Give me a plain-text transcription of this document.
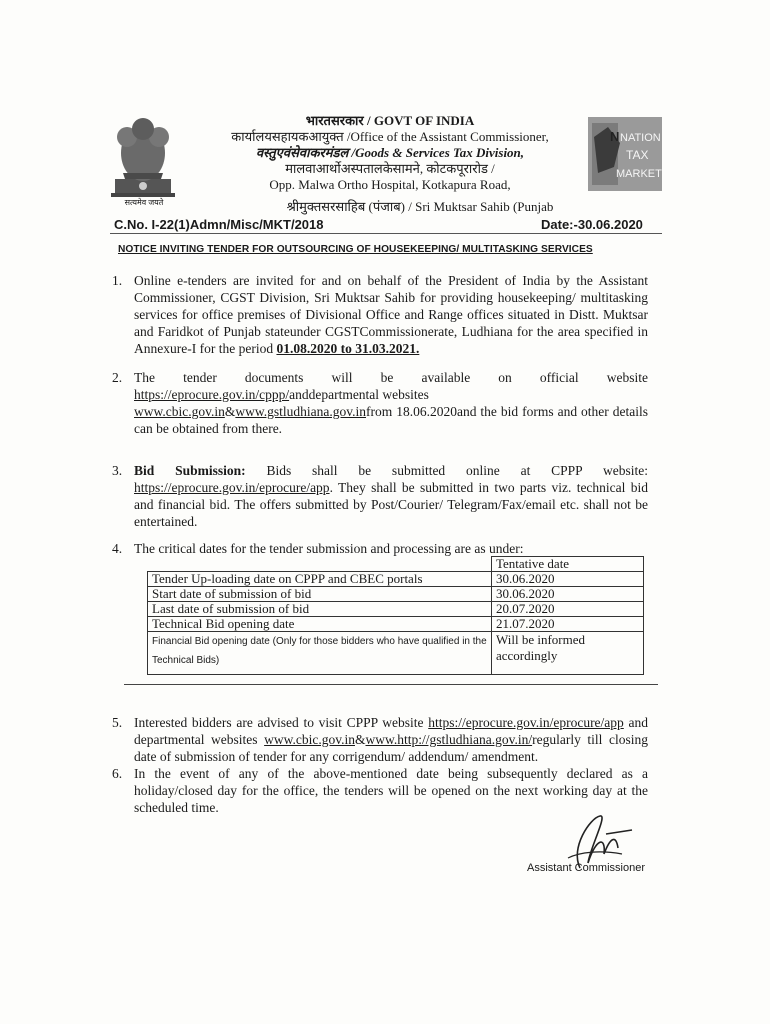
सत्यमेव जयते
N NATION
TAX
MARKET
भारतसरकार / GOVT OF INDIA
कार्यालयसहायकआयुक्त /Office of the Assistant Commissioner,
वस्तुएवंसेवाकरमंडल /Goods & Services Tax Division,
मालवाआर्थोअस्पतालकेसामने, कोटकपूरारोड /
Opp. Malwa Ortho Hospital, Kotkapura Road,
श्रीमुक्तसरसाहिब (पंजाब) / Sri Muktsar Sahib (Punjab
C.No. I-22(1)Admn/Misc/MKT/2018	Date:-30.06.2020
NOTICE INVITING TENDER FOR OUTSOURCING OF HOUSEKEEPING/ MULTITASKING SERVICES
1. Online e-tenders are invited for and on behalf of the President of India by the Assistant Commissioner, CGST Division, Sri Muktsar Sahib for providing housekeeping/ multitasking services for office premises of Divisional Office and Range offices situated in Distt. Muktsar and Faridkot of Punjab stateunder CGSTCommissionerate, Ludhiana for the area specified in Annexure-I for the period 01.08.2020 to 31.03.2021.
2. The tender documents will be available on official website
https://eprocure.gov.in/cppp/anddepartmental websites
www.cbic.gov.in&www.gstludhiana.gov.infrom 18.06.2020and the bid forms and other details can be obtained from there.
3. Bid Submission: Bids shall be submitted online at CPPP website: https://eprocure.gov.in/eprocure/app. They shall be submitted in two parts viz. technical bid and financial bid. The offers submitted by Post/Courier/ Telegram/Fax/email etc. shall not be entertained.
4. The critical dates for the tender submission and processing are as under:
	Tentative date
Tender Up-loading date on CPPP and CBEC portals	30.06.2020
Start date of submission of bid	30.06.2020
Last date of submission of bid	20.07.2020
Technical Bid opening date	21.07.2020
Financial Bid opening date (Only for those bidders who have qualified in the Technical Bids)	Will be informed accordingly
5. Interested bidders are advised to visit CPPP website https://eprocure.gov.in/eprocure/app and departmental websites www.cbic.gov.in&www.http://gstludhiana.gov.in/regularly till closing date of submission of tender for any corrigendum/ addendum/ amendment.
6. In the event of any of the above-mentioned date being subsequently declared as a holiday/closed day for the office, the tenders will be opened on the next working day at the scheduled time.
Assistant Commissioner
